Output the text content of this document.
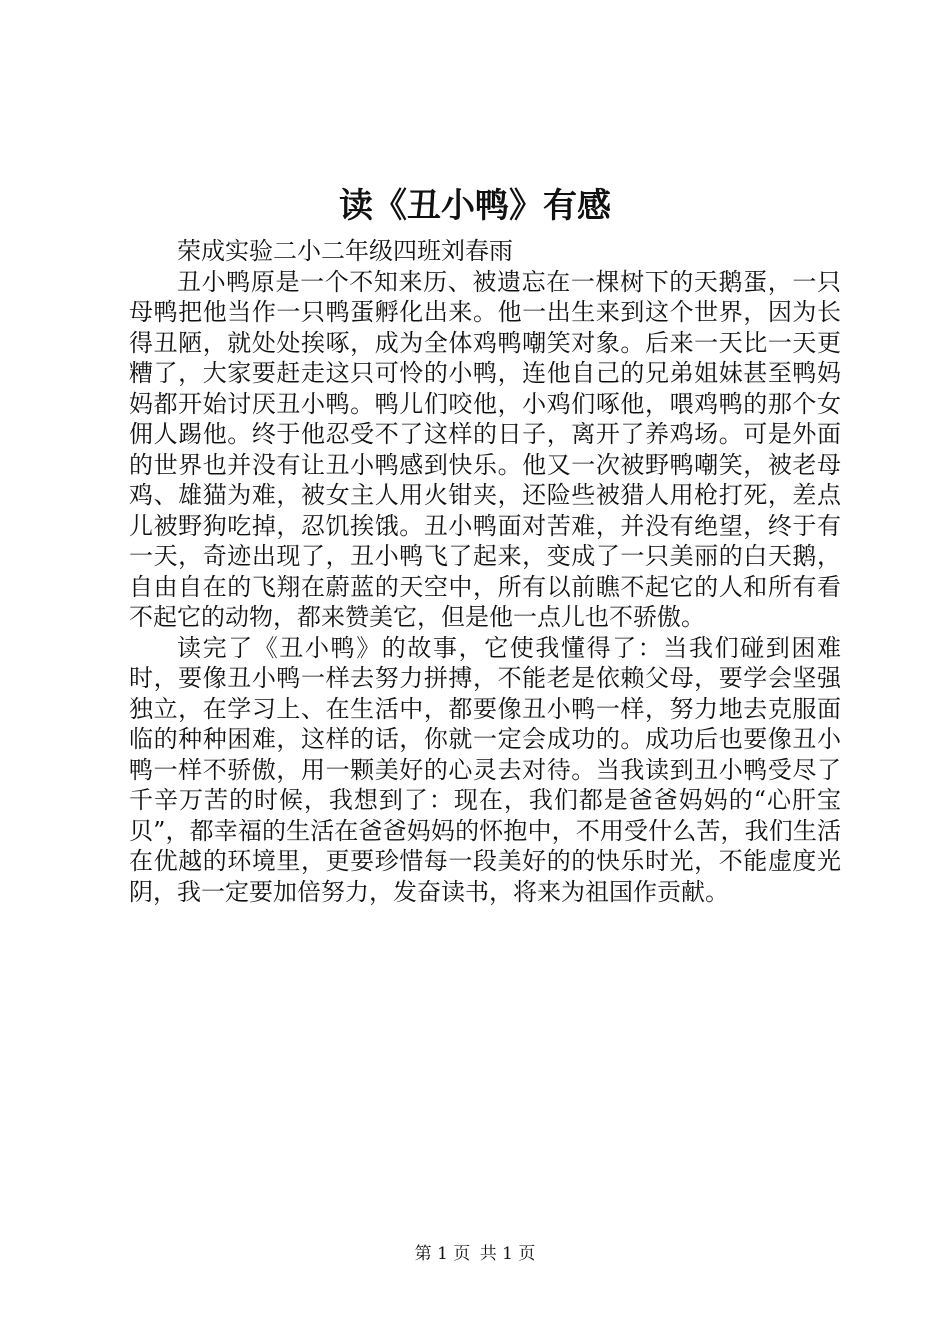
读《丑小鸭》有感

荣成实验二小二年级四班刘春雨

丑小鸭原是一个不知来历、被遗忘在一棵树下的天鹅蛋，一只母鸭把他当作一只鸭蛋孵化出来。他一出生来到这个世界，因为长得丑陋，就处处挨啄，成为全体鸡鸭嘲笑对象。后来一天比一天更糟了，大家要赶走这只可怜的小鸭，连他自己的兄弟姐妹甚至鸭妈妈都开始讨厌丑小鸭。鸭儿们咬他，小鸡们啄他，喂鸡鸭的那个女佣人踢他。终于他忍受不了这样的日子，离开了养鸡场。可是外面的世界也并没有让丑小鸭感到快乐。他又一次被野鸭嘲笑，被老母鸡、雄猫为难，被女主人用火钳夹，还险些被猎人用枪打死，差点儿被野狗吃掉，忍饥挨饿。丑小鸭面对苦难，并没有绝望，终于有一天，奇迹出现了，丑小鸭飞了起来，变成了一只美丽的白天鹅，自由自在的飞翔在蔚蓝的天空中，所有以前瞧不起它的人和所有看不起它的动物，都来赞美它，但是他一点儿也不骄傲。

读完了《丑小鸭》的故事，它使我懂得了：当我们碰到困难时，要像丑小鸭一样去努力拼搏，不能老是依赖父母，要学会坚强独立，在学习上、在生活中，都要像丑小鸭一样，努力地去克服面临的种种困难，这样的话，你就一定会成功的。成功后也要像丑小鸭一样不骄傲，用一颗美好的心灵去对待。当我读到丑小鸭受尽了千辛万苦的时候，我想到了：现在，我们都是爸爸妈妈的“心肝宝贝”，都幸福的生活在爸爸妈妈的怀抱中，不用受什么苦，我们生活在优越的环境里，更要珍惜每一段美好的的快乐时光，不能虚度光阴，我一定要加倍努力，发奋读书，将来为祖国作贡献。

第 1 页 共 1 页
